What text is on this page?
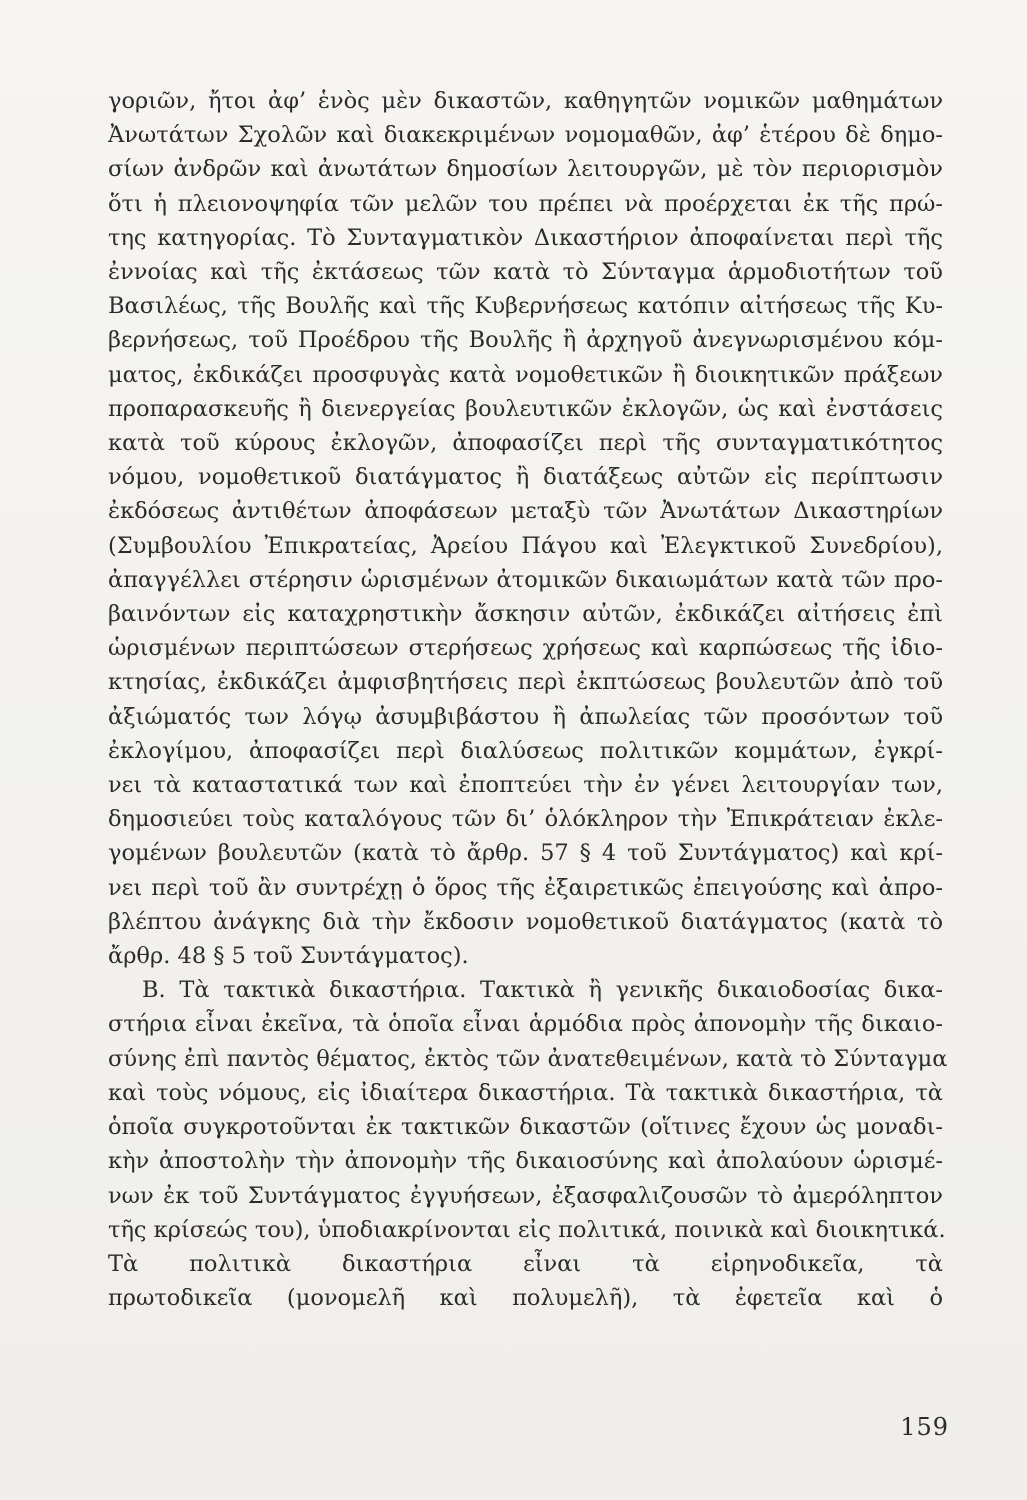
γοριῶν, ἤτοι ἀφ’ ἑνὸς μὲν δικαστῶν, καθηγητῶν νομικῶν μαθημάτων
Ἀνωτάτων Σχολῶν καὶ διακεκριμένων νομομαθῶν, ἀφ’ ἑτέρου δὲ δημο-
σίων ἀνδρῶν καὶ ἀνωτάτων δημοσίων λειτουργῶν, μὲ τὸν περιορισμὸν
ὅτι ἡ πλειονοψηφία τῶν μελῶν του πρέπει νὰ προέρχεται ἐκ τῆς πρώ-
της κατηγορίας. Τὸ Συνταγματικὸν Δικαστήριον ἀποφαίνεται περὶ τῆς
ἐννοίας καὶ τῆς ἐκτάσεως τῶν κατὰ τὸ Σύνταγμα ἁρμοδιοτήτων τοῦ
Βασιλέως, τῆς Βουλῆς καὶ τῆς Κυβερνήσεως κατόπιν αἰτήσεως τῆς Κυ-
βερνήσεως, τοῦ Προέδρου τῆς Βουλῆς ἢ ἀρχηγοῦ ἀνεγνωρισμένου κόμ-
ματος, ἐκδικάζει προσφυγὰς κατὰ νομοθετικῶν ἢ διοικητικῶν πράξεων
προπαρασκευῆς ἢ διενεργείας βουλευτικῶν ἐκλογῶν, ὡς καὶ ἐνστάσεις
κατὰ τοῦ κύρους ἐκλογῶν, ἀποφασίζει περὶ τῆς συνταγματικότητος
νόμου, νομοθετικοῦ διατάγματος ἢ διατάξεως αὐτῶν εἰς περίπτωσιν
ἐκδόσεως ἀντιθέτων ἀποφάσεων μεταξὺ τῶν Ἀνωτάτων Δικαστηρίων
(Συμβουλίου Ἐπικρατείας, Ἀρείου Πάγου καὶ Ἐλεγκτικοῦ Συνεδρίου),
ἀπαγγέλλει στέρησιν ὡρισμένων ἀτομικῶν δικαιωμάτων κατὰ τῶν προ-
βαινόντων εἰς καταχρηστικὴν ἄσκησιν αὐτῶν, ἐκδικάζει αἰτήσεις ἐπὶ
ὡρισμένων περιπτώσεων στερήσεως χρήσεως καὶ καρπώσεως τῆς ἰδιο-
κτησίας, ἐκδικάζει ἀμφισβητήσεις περὶ ἐκπτώσεως βουλευτῶν ἀπὸ τοῦ
ἀξιώματός των λόγῳ ἀσυμβιβάστου ἢ ἀπωλείας τῶν προσόντων τοῦ
ἐκλογίμου, ἀποφασίζει περὶ διαλύσεως πολιτικῶν κομμάτων, ἐγκρί-
νει τὰ καταστατικά των καὶ ἐποπτεύει τὴν ἐν γένει λειτουργίαν των,
δημοσιεύει τοὺς καταλόγους τῶν δι’ ὁλόκληρον τὴν Ἐπικράτειαν ἐκλε-
γομένων βουλευτῶν (κατὰ τὸ ἄρθρ. 57 § 4 τοῦ Συντάγματος) καὶ κρί-
νει περὶ τοῦ ἂν συντρέχῃ ὁ ὅρος τῆς ἐξαιρετικῶς ἐπειγούσης καὶ ἀπρο-
βλέπτου ἀνάγκης διὰ τὴν ἔκδοσιν νομοθετικοῦ διατάγματος (κατὰ τὸ
ἄρθρ. 48 § 5 τοῦ Συντάγματος).
Β. Τὰ τακτικὰ δικαστήρια. Τακτικὰ ἢ γενικῆς δικαιοδοσίας δικα-
στήρια εἶναι ἐκεῖνα, τὰ ὁποῖα εἶναι ἁρμόδια πρὸς ἀπονομὴν τῆς δικαιο-
σύνης ἐπὶ παντὸς θέματος, ἐκτὸς τῶν ἀνατεθειμένων, κατὰ τὸ Σύνταγμα
καὶ τοὺς νόμους, εἰς ἰδιαίτερα δικαστήρια. Τὰ τακτικὰ δικαστήρια, τὰ
ὁποῖα συγκροτοῦνται ἐκ τακτικῶν δικαστῶν (οἵτινες ἔχουν ὡς μοναδι-
κὴν ἀποστολὴν τὴν ἀπονομὴν τῆς δικαιοσύνης καὶ ἀπολαύουν ὡρισμέ-
νων ἐκ τοῦ Συντάγματος ἐγγυήσεων, ἐξασφαλιζουσῶν τὸ ἀμερόληπτον
τῆς κρίσεώς του), ὑποδιακρίνονται εἰς πολιτικά, ποινικὰ καὶ διοικητικά.
Τὰ πολιτικὰ δικαστήρια εἶναι τὰ εἰρηνοδικεῖα, τὰ
πρωτοδικεῖα (μονομελῆ καὶ πολυμελῆ), τὰ ἐφετεῖα καὶ ὁ
159
